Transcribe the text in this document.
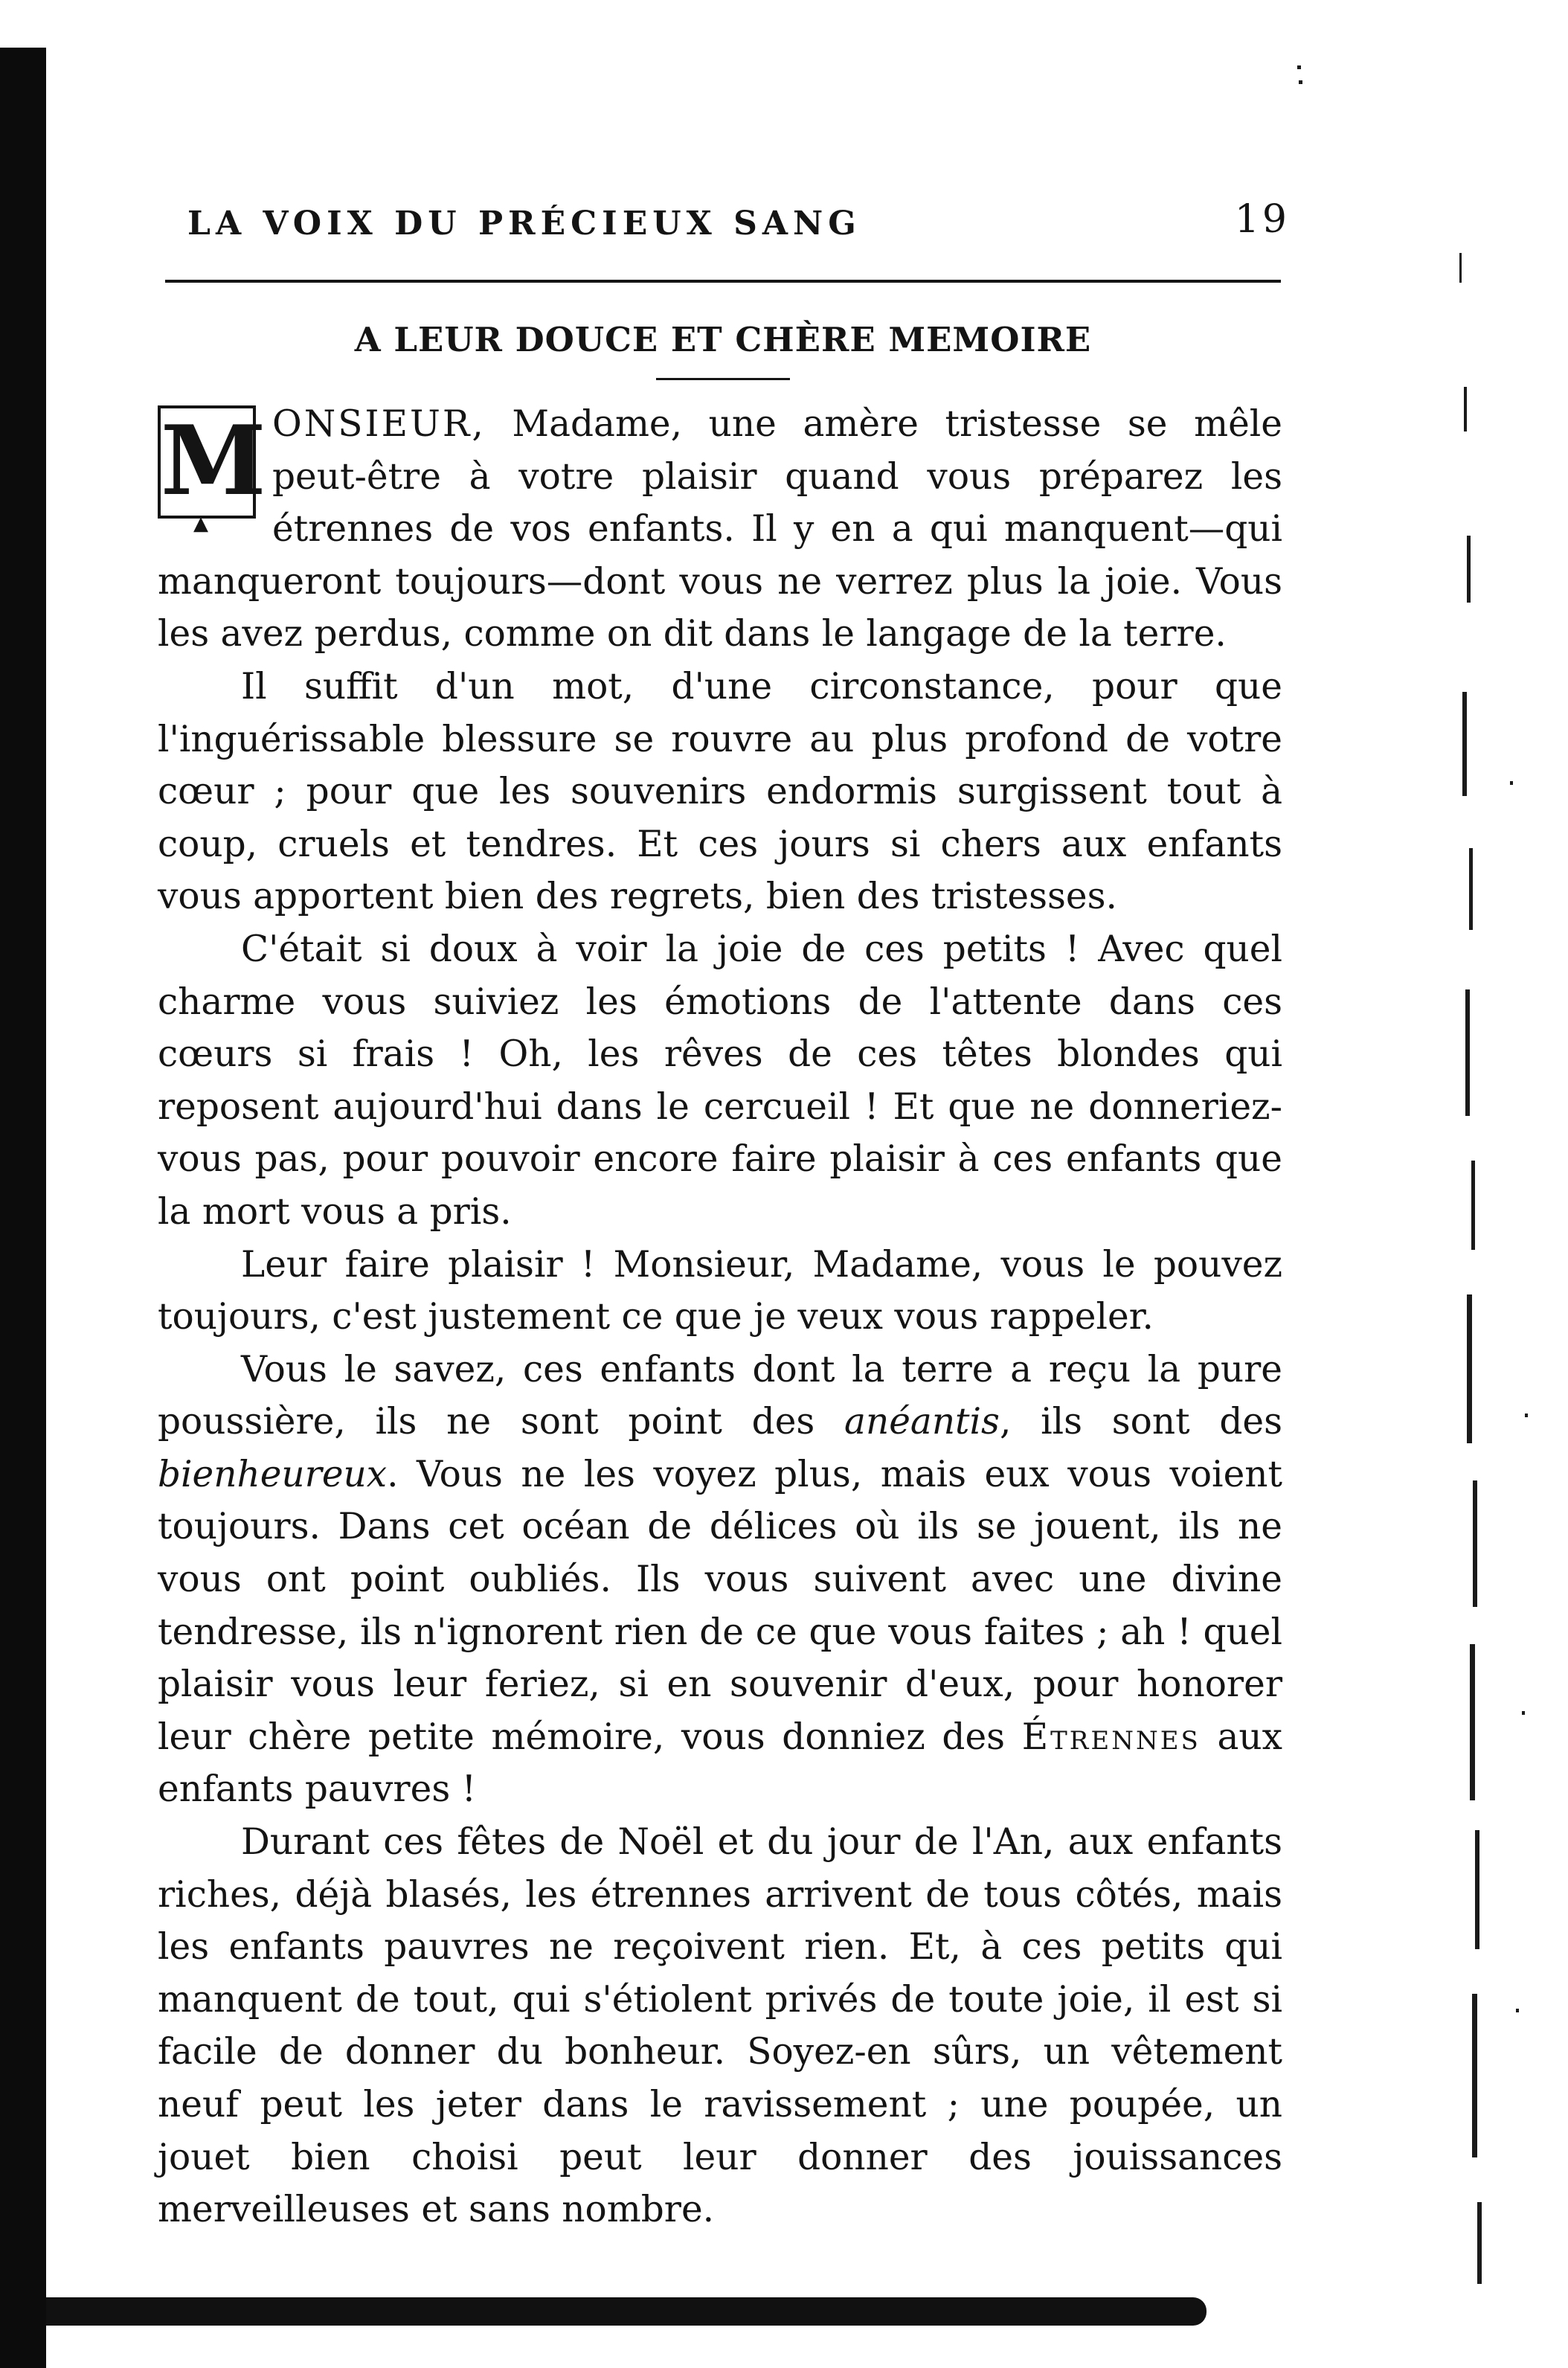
LA VOIX DU PRÉCIEUX SANG	19
A LEUR DOUCE ET CHÈRE MEMOIRE

M
▲
ONSIEUR, Madame, une amère tristesse se mêle peut-être à votre plaisir quand vous préparez les étrennes de vos enfants. Il y en a qui manquent—qui manqueront toujours—dont vous ne verrez plus la joie. Vous les avez perdus, comme on dit dans le langage de la terre.

Il suffit d'un mot, d'une circonstance, pour que l'inguérissable blessure se rouvre au plus profond de votre cœur ; pour que les souvenirs endormis surgissent tout à coup, cruels et tendres. Et ces jours si chers aux enfants vous apportent bien des regrets, bien des tristesses.

C'était si doux à voir la joie de ces petits ! Avec quel charme vous suiviez les émotions de l'attente dans ces cœurs si frais ! Oh, les rêves de ces têtes blondes qui reposent aujourd'hui dans le cercueil ! Et que ne donneriez-vous pas, pour pouvoir encore faire plaisir à ces enfants que la mort vous a pris.

Leur faire plaisir ! Monsieur, Madame, vous le pouvez toujours, c'est justement ce que je veux vous rappeler.

Vous le savez, ces enfants dont la terre a reçu la pure poussière, ils ne sont point des anéantis, ils sont des bienheureux. Vous ne les voyez plus, mais eux vous voient toujours. Dans cet océan de délices où ils se jouent, ils ne vous ont point oubliés. Ils vous suivent avec une divine tendresse, ils n'ignorent rien de ce que vous faites ; ah ! quel plaisir vous leur feriez, si en souvenir d'eux, pour honorer leur chère petite mémoire, vous donniez des Étrennes aux enfants pauvres !

Durant ces fêtes de Noël et du jour de l'An, aux enfants riches, déjà blasés, les étrennes arrivent de tous côtés, mais les enfants pauvres ne reçoivent rien. Et, à ces petits qui manquent de tout, qui s'étiolent privés de toute joie, il est si facile de donner du bonheur. Soyez-en sûrs, un vêtement neuf peut les jeter dans le ravissement ; une poupée, un jouet bien choisi peut leur donner des jouissances merveilleuses et sans nombre.
